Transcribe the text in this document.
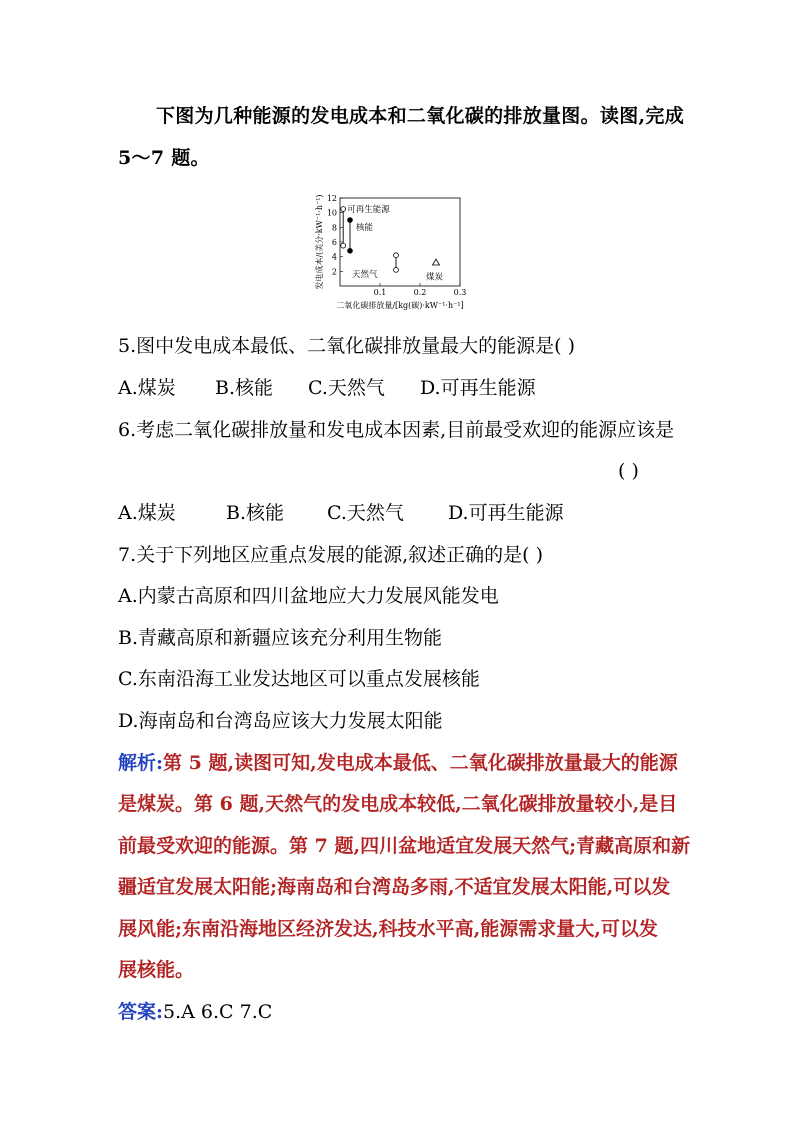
下图为几种能源的发电成本和二氧化碳的排放量图。读图,完成
5～7 题。
12
10
8
6
4
2
0.1	0.2	0.3
二氧化碳排放量/[kg(碳)·kW⁻¹·h⁻¹]
发电成本/(美分·kW⁻¹·h⁻¹)	可再生能源
核能
天然气	煤炭
5.图中发电成本最低、二氧化碳排放量最大的能源是( )
A.煤炭 B.核能 C.天然气 D.可再生能源
6.考虑二氧化碳排放量和发电成本因素,目前最受欢迎的能源应该是
( )
A.煤炭	B.核能 C.天然气 D.可再生能源
7.关于下列地区应重点发展的能源,叙述正确的是( )
A.内蒙古高原和四川盆地应大力发展风能发电
B.青藏高原和新疆应该充分利用生物能
C.东南沿海工业发达地区可以重点发展核能
D.海南岛和台湾岛应该大力发展太阳能
解析:第 5 题,读图可知,发电成本最低、二氧化碳排放量最大的能源
是煤炭。第 6 题,天然气的发电成本较低,二氧化碳排放量较小,是目
前最受欢迎的能源。第 7 题,四川盆地适宜发展天然气;青藏高原和新
疆适宜发展太阳能;海南岛和台湾岛多雨,不适宜发展太阳能,可以发
展风能;东南沿海地区经济发达,科技水平高,能源需求量大,可以发
展核能。
答案:5.A 6.C 7.C
